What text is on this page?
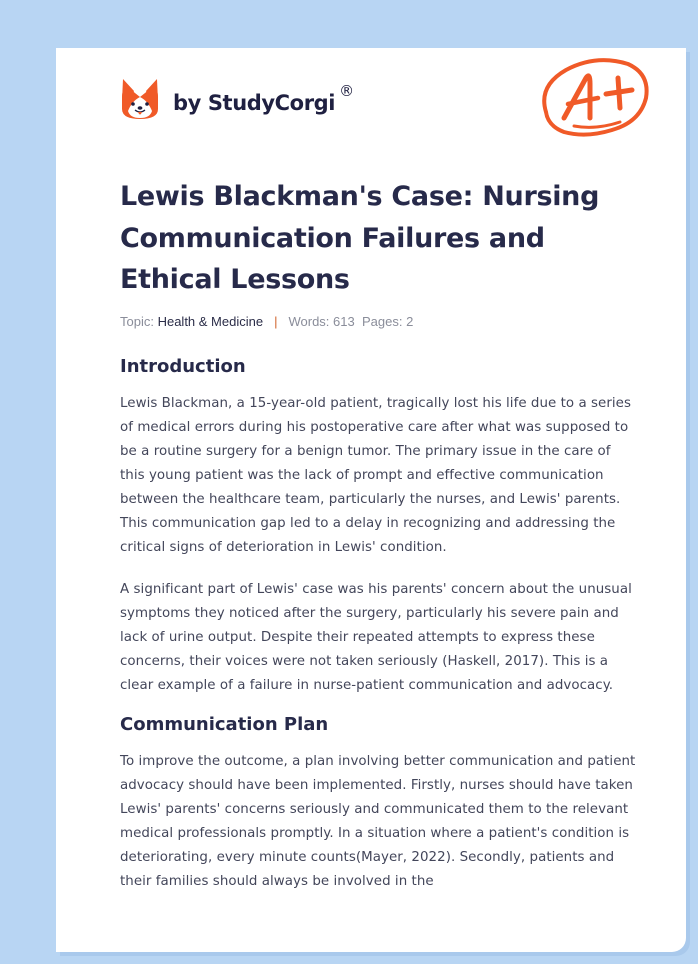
by StudyCorgi ®
Lewis Blackman's Case: Nursing Communication Failures and Ethical Lessons
Topic: Health & Medicine | Words: 613
Pages: 2
Introduction

Lewis Blackman, a 15-year-old patient, tragically lost his life due to a series of medical errors during his postoperative care after what was supposed to be a routine surgery for a benign tumor. The primary issue in the care of this young patient was the lack of prompt and effective communication between the healthcare team, particularly the nurses, and Lewis' parents. This communication gap led to a delay in recognizing and addressing the critical signs of deterioration in Lewis' condition.

A significant part of Lewis' case was his parents' concern about the unusual symptoms they noticed after the surgery, particularly his severe pain and lack of urine output. Despite their repeated attempts to express these concerns, their voices were not taken seriously (Haskell, 2017). This is a clear example of a failure in nurse-patient communication and advocacy.

Communication Plan

To improve the outcome, a plan involving better communication and patient advocacy should have been implemented. Firstly, nurses should have taken Lewis' parents' concerns seriously and communicated them to the relevant medical professionals promptly. In a situation where a patient's condition is deteriorating, every minute counts(Mayer, 2022). Secondly, patients and their families should always be involved in the
